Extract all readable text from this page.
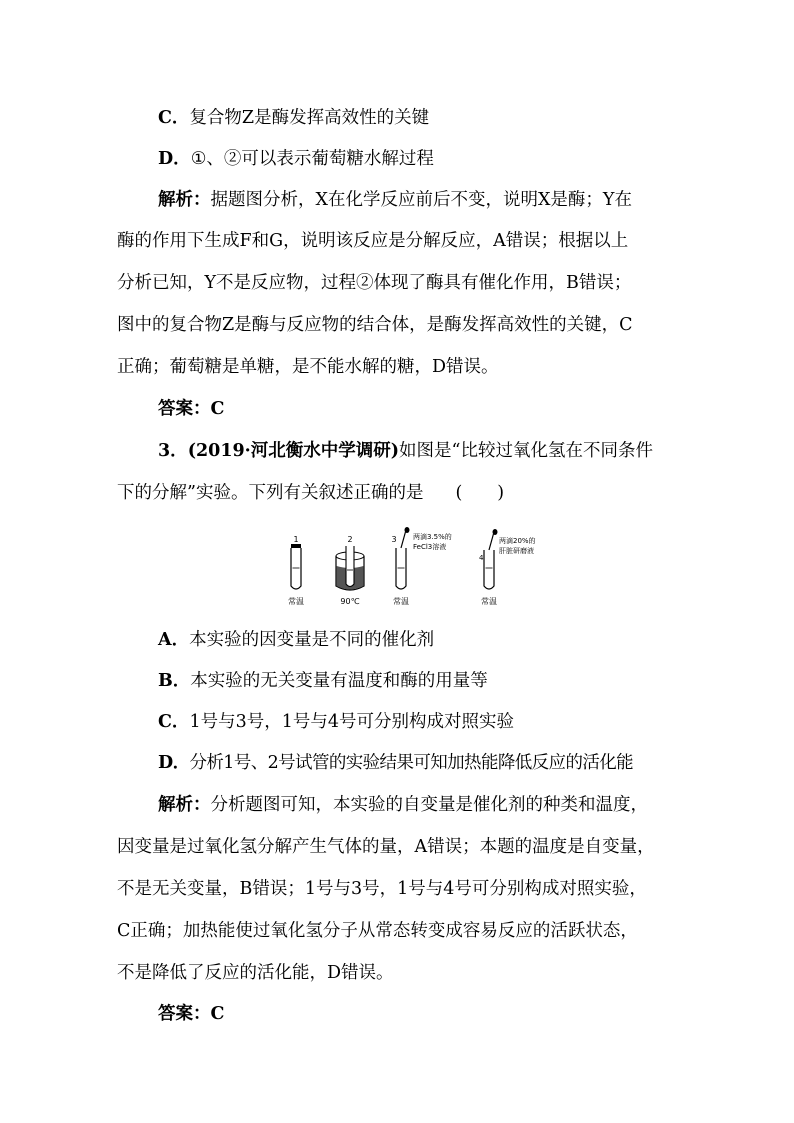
C．复合物Z是酶发挥高效性的关键
D．①、②可以表示葡萄糖水解过程
解析：据题图分析，X在化学反应前后不变，说明X是酶；Y在
酶的作用下生成F和G，说明该反应是分解反应，A错误；根据以上
分析已知，Y不是反应物，过程②体现了酶具有催化作用，B错误；
图中的复合物Z是酶与反应物的结合体，是酶发挥高效性的关键，C
正确；葡萄糖是单糖，是不能水解的糖，D错误。
答案：C
3．(2019·河北衡水中学调研)如图是“比较过氧化氢在不同条件
下的分解”实验。下列有关叙述正确的是 (　　)
1
常温
2
90℃
3 两滴3.5%的
FeCl3溶液
常温
4
两滴20%的
肝脏研磨液
常温
A．本实验的因变量是不同的催化剂
B．本实验的无关变量有温度和酶的用量等
C．1号与3号，1号与4号可分别构成对照实验
D．分析1号、2号试管的实验结果可知加热能降低反应的活化能
解析：分析题图可知，本实验的自变量是催化剂的种类和温度，
因变量是过氧化氢分解产生气体的量，A错误；本题的温度是自变量，
不是无关变量，B错误；1号与3号，1号与4号可分别构成对照实验，
C正确；加热能使过氧化氢分子从常态转变成容易反应的活跃状态，
不是降低了反应的活化能，D错误。
答案：C
